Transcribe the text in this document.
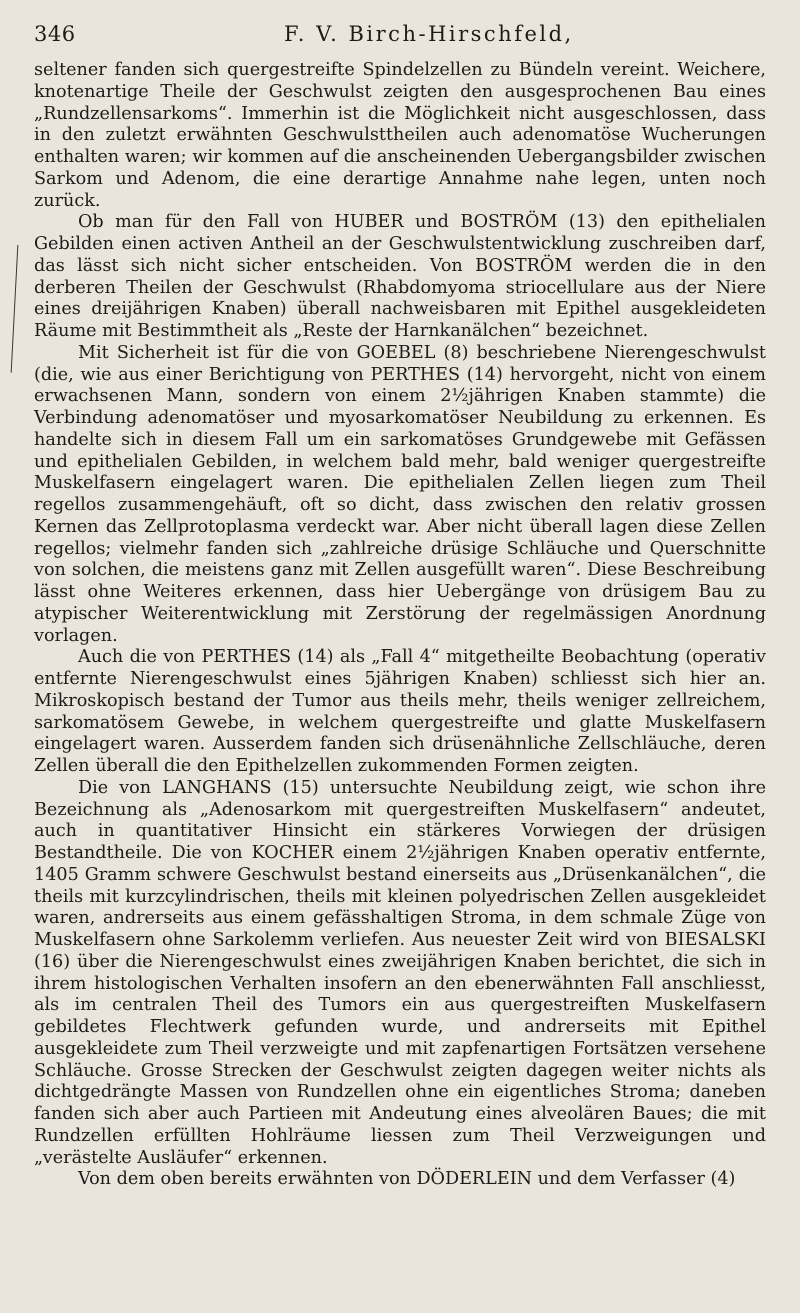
346	F. V. Birch-Hirschfeld,

seltener fanden sich quergestreifte Spindelzellen zu Bündeln vereint. Weichere, knotenartige Theile der Geschwulst zeigten den ausgesprochenen Bau eines „Rundzellensarkoms“. Immerhin ist die Möglichkeit nicht ausgeschlossen, dass in den zuletzt erwähnten Geschwulsttheilen auch adenomatöse Wucherungen enthalten waren; wir kommen auf die anscheinenden Uebergangsbilder zwischen Sarkom und Adenom, die eine derartige Annahme nahe legen, unten noch zurück.

Ob man für den Fall von HUBER und BOSTRÖM (13) den epithelialen Gebilden einen activen Antheil an der Geschwulstentwicklung zuschreiben darf, das lässt sich nicht sicher entscheiden. Von BOSTRÖM werden die in den derberen Theilen der Geschwulst (Rhabdomyoma striocellulare aus der Niere eines dreijährigen Knaben) überall nachweisbaren mit Epithel ausgekleideten Räume mit Bestimmtheit als „Reste der Harnkanälchen“ bezeichnet.

Mit Sicherheit ist für die von GOEBEL (8) beschriebene Nierengeschwulst (die, wie aus einer Berichtigung von PERTHES (14) hervorgeht, nicht von einem erwachsenen Mann, sondern von einem 2½jährigen Knaben stammte) die Verbindung adenomatöser und myosarkomatöser Neubildung zu erkennen. Es handelte sich in diesem Fall um ein sarkomatöses Grundgewebe mit Gefässen und epithelialen Gebilden, in welchem bald mehr, bald weniger quergestreifte Muskelfasern eingelagert waren. Die epithelialen Zellen liegen zum Theil regellos zusammengehäuft, oft so dicht, dass zwischen den relativ grossen Kernen das Zellprotoplasma verdeckt war. Aber nicht überall lagen diese Zellen regellos; vielmehr fanden sich „zahlreiche drüsige Schläuche und Querschnitte von solchen, die meistens ganz mit Zellen ausgefüllt waren“. Diese Beschreibung lässt ohne Weiteres erkennen, dass hier Uebergänge von drüsigem Bau zu atypischer Weiterentwicklung mit Zerstörung der regelmässigen Anordnung vorlagen.

Auch die von PERTHES (14) als „Fall 4“ mitgetheilte Beobachtung (operativ entfernte Nierengeschwulst eines 5jährigen Knaben) schliesst sich hier an. Mikroskopisch bestand der Tumor aus theils mehr, theils weniger zellreichem, sarkomatösem Gewebe, in welchem quergestreifte und glatte Muskelfasern eingelagert waren. Ausserdem fanden sich drüsenähnliche Zellschläuche, deren Zellen überall die den Epithelzellen zukommenden Formen zeigten.

Die von LANGHANS (15) untersuchte Neubildung zeigt, wie schon ihre Bezeichnung als „Adenosarkom mit quergestreiften Muskelfasern“ andeutet, auch in quantitativer Hinsicht ein stärkeres Vorwiegen der drüsigen Bestandtheile. Die von KOCHER einem 2½jährigen Knaben operativ entfernte, 1405 Gramm schwere Geschwulst bestand einerseits aus „Drüsenkanälchen“, die theils mit kurzcylindrischen, theils mit kleinen polyedrischen Zellen ausgekleidet waren, andrerseits aus einem gefässhaltigen Stroma, in dem schmale Züge von Muskelfasern ohne Sarkolemm verliefen. Aus neuester Zeit wird von BIESALSKI (16) über die Nierengeschwulst eines zweijährigen Knaben berichtet, die sich in ihrem histologischen Verhalten insofern an den ebenerwähnten Fall anschliesst, als im centralen Theil des Tumors ein aus quergestreiften Muskelfasern gebildetes Flechtwerk gefunden wurde, und andrerseits mit Epithel ausgekleidete zum Theil verzweigte und mit zapfenartigen Fortsätzen versehene Schläuche. Grosse Strecken der Geschwulst zeigten dagegen weiter nichts als dichtgedrängte Massen von Rundzellen ohne ein eigentliches Stroma; daneben fanden sich aber auch Partieen mit Andeutung eines alveolären Baues; die mit Rundzellen erfüllten Hohlräume liessen zum Theil Verzweigungen und „verästelte Ausläufer“ erkennen.

Von dem oben bereits erwähnten von DÖDERLEIN und dem Verfasser (4)
